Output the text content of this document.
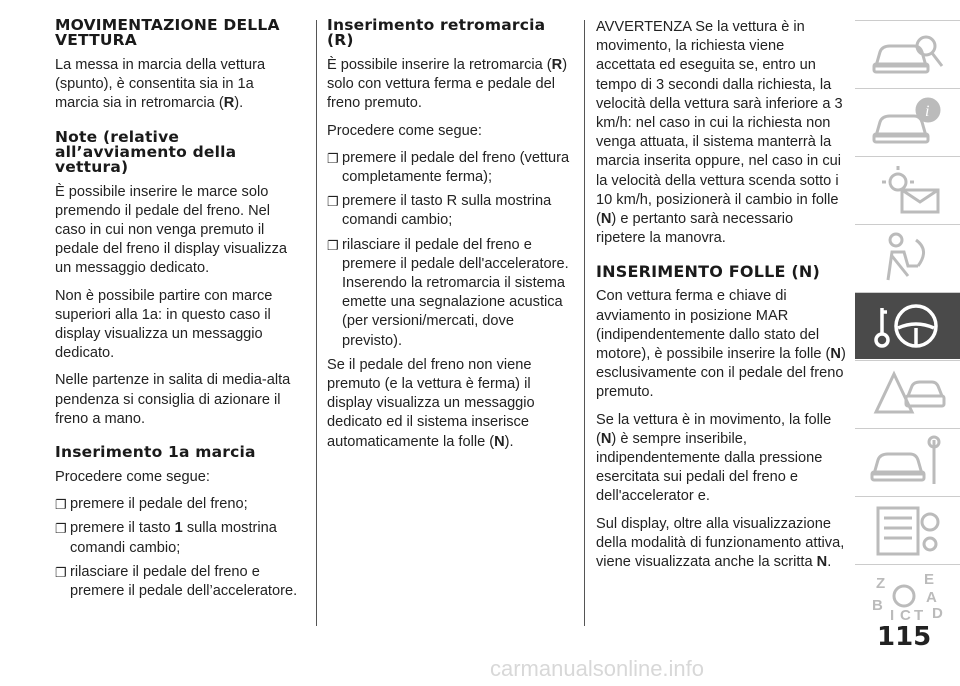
MOVIMENTAZIONE DELLA VETTURA

La messa in marcia della vettura (spunto), è consentita sia in 1a marcia sia in retromarcia (R).

Note (relative all’avviamento della vettura)

È possibile inserire le marce solo premendo il pedale del freno. Nel caso in cui non venga premuto il pedale del freno il display visualizza un messaggio dedicato.

Non è possibile partire con marce superiori alla 1a: in questo caso il display visualizza un messaggio dedicato.

Nelle partenze in salita di media-alta pendenza si consiglia di azionare il freno a mano.

Inserimento 1a marcia

Procedere come segue:

❐ premere il pedale del freno;
❐ premere il tasto 1 sulla mostrina comandi cambio;
❐ rilasciare il pedale del freno e premere il pedale dell’acceleratore.
Inserimento retromarcia (R)

È possibile inserire la retromarcia (R) solo con vettura ferma e pedale del freno premuto.

Procedere come segue:

❐ premere il pedale del freno (vettura completamente ferma);
❐ premere il tasto R sulla mostrina comandi cambio;
❐ rilasciare il pedale del freno e premere il pedale dell'acceleratore. Inserendo la retromarcia il sistema emette una segnalazione acustica (per versioni/mercati, dove previsto).

Se il pedale del freno non viene premuto (e la vettura è ferma) il display visualizza un messaggio dedicato ed il sistema inserisce automaticamente la folle (N).

AVVERTENZA Se la vettura è in movimento, la richiesta viene accettata ed eseguita se, entro un tempo di 3 secondi dalla richiesta, la velocità della vettura sarà inferiore a 3 km/h: nel caso in cui la richiesta non venga attuata, il sistema manterrà la marcia inserita oppure, nel caso in cui la velocità della vettura scenda sotto i 10 km/h, posizionerà il cambio in folle (N) e pertanto sarà necessario ripetere la manovra.

INSERIMENTO FOLLE (N)

Con vettura ferma e chiave di avviamento in posizione MAR (indipendentemente dallo stato del motore), è possibile inserire la folle (N) esclusivamente con il pedale del freno premuto.

Se la vettura è in movimento, la folle (N) è sempre inseribile, indipendentemente dalla pressione esercitata sui pedali del freno e dell'accelerator e.

Sul display, oltre alla visualizzazione della modalità di funzionamento attiva, viene visualizzata anche la scritta N.

i
Z	E
A
B
I C T D
115
carmanualsonline.info
